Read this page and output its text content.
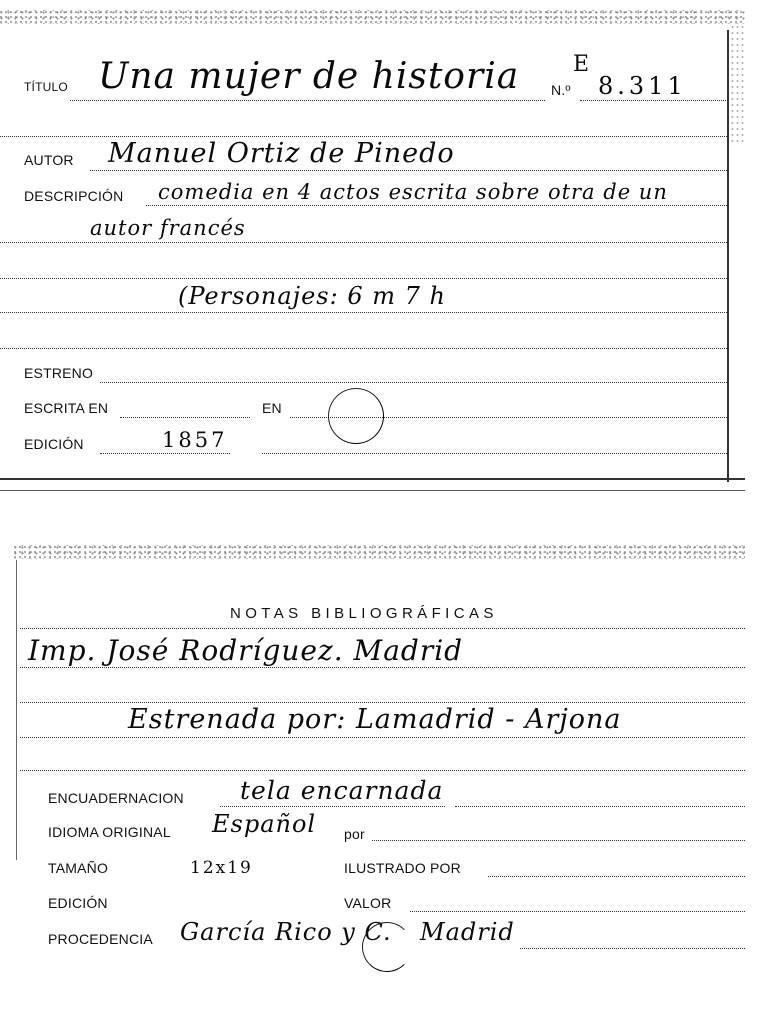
TÍTULO Una mujer de historia E
N.º 8.311
AUTOR Manuel Ortiz de Pinedo
DESCRIPCIÓN comedia en 4 actos escrita sobre otra de un
autor francés
(Personajes: 6 m 7 h
ESTRENO
ESCRITA EN	EN
EDICIÓN	1857
NOTAS BIBLIOGRÁFICAS
Imp. José Rodríguez. Madrid
Estrenada por: Lamadrid - Arjona
ENCUADERNACION tela encarnada
IDIOMA ORIGINAL Español por
TAMAÑO	12x19	ILUSTRADO POR
EDICIÓN	VALOR
PROCEDENCIA García Rico y C. Madrid
